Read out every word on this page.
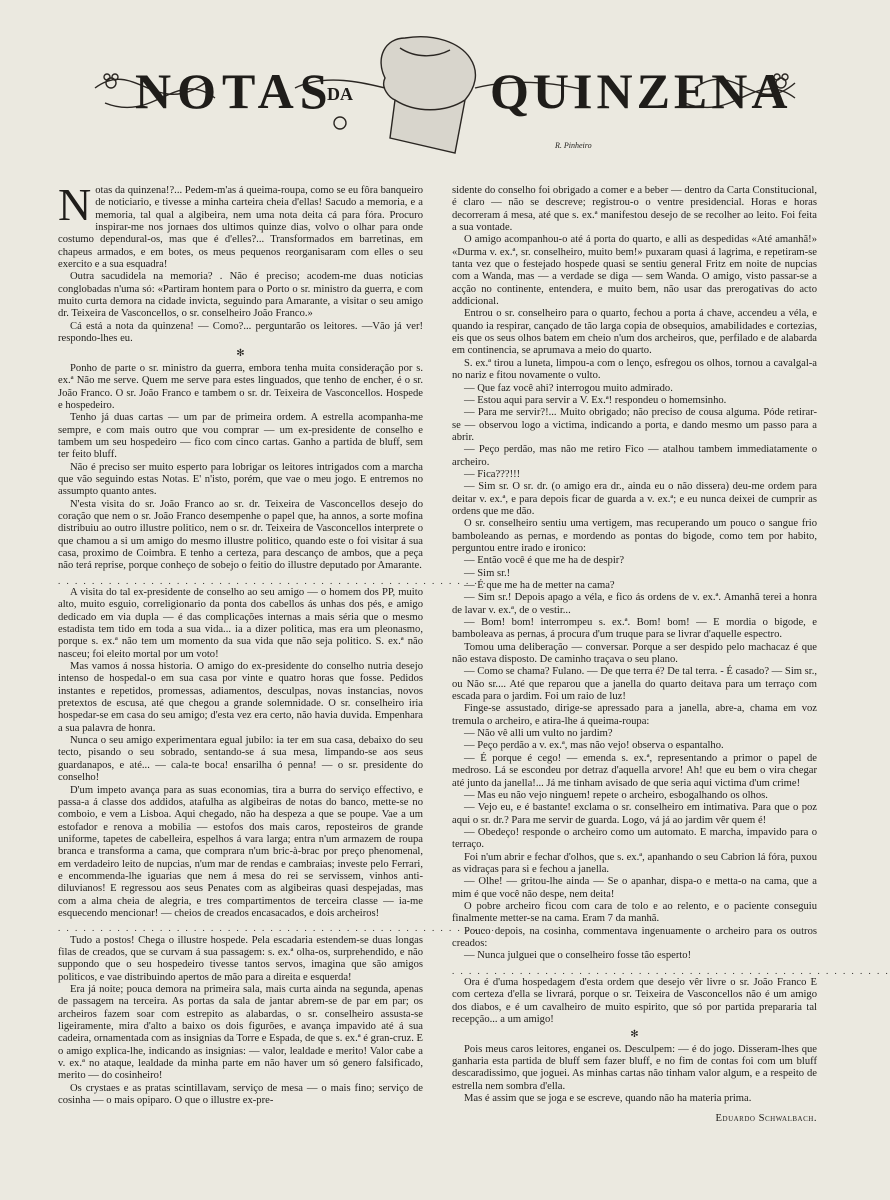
NOTAS
DA	QUINZENA
R. Pinheiro

Notas da quinzena!?... Pedem-m'as á queima-roupa, como se eu fôra banqueiro de noticiario, e tivesse a minha carteira cheia d'ellas! Sacudo a memoria, e a memoria, tal qual a algibeira, nem uma nota deita cá para fóra. Procuro inspirar-me nos jornaes dos ultimos quinze dias, volvo o olhar para onde costumo dependural-os, mas que é d'elles?... Transformados em barretinas, em chapeus armados, e em botes, os meus pequenos reorganisaram com elles o seu exercito e a sua esquadra!

Outra sacudidela na memoria? . Não é preciso; acodem-me duas noticias conglobadas n'uma só: «Partiram hontem para o Porto o sr. ministro da guerra, e com muito curta demora na cidade invicta, seguindo para Amarante, a visitar o seu amigo dr. Teixeira de Vasconcellos, o sr. conselheiro João Franco.»

Cá está a nota da quinzena! — Como?... perguntarão os leitores. —Vão já ver! respondo-lhes eu.

✻

Ponho de parte o sr. ministro da guerra, embora tenha muita consideração por s. ex.ª Não me serve. Quem me serve para estes linguados, que tenho de encher, é o sr. João Franco. O sr. João Franco e tambem o sr. dr. Teixeira de Vasconcellos. Hospede e hospedeiro.

Tenho já duas cartas — um par de primeira ordem. A estrella acompanha-me sempre, e com mais outro que vou comprar — um ex-presidente de conselho e tambem um seu hospedeiro — fico com cinco cartas. Ganho a partida de bluff, sem ter feito bluff.

Não é preciso ser muito esperto para lobrigar os leitores intrigados com a marcha que vão seguindo estas Notas. E' n'isto, porém, que vae o meu jogo. E entremos no assumpto quanto antes.

N'esta visita do sr. João Franco ao sr. dr. Teixeira de Vasconcellos desejo do coração que nem o sr. João Franco desempenhe o papel que, ha annos, a sorte mofina distribuiu ao outro illustre politico, nem o sr. dr. Teixeira de Vasconcellos interprete o que chamou a si um amigo do mesmo illustre politico, quando este o foi visitar á sua casa, proximo de Coimbra. E tenho a certeza, para descanço de ambos, que a peça não terá reprise, porque conheço de sobejo o feitio do illustre deputado por Amarante.

. . . . . . . . . . . . . . . . . . . . . . . . . . . . . . . . . . . . . . . . . . . . . . . . . . . .

A visita do tal ex-presidente de conselho ao seu amigo — o homem dos PP, muito alto, muito esguio, correligionario da ponta dos cabellos ás unhas dos pés, e amigo dedicado em via dupla — é das complicações internas a mais séria que o mesmo estadista tem tido em toda a sua vida... ia a dizer politica, mas era um pleonasmo, porque s. ex.ª não tem um momento da sua vida que não seja politico. S. ex.ª não nasceu; foi eleito mortal por um voto!

Mas vamos á nossa historia. O amigo do ex-presidente do conselho nutria desejo intenso de hospedal-o em sua casa por vinte e quatro horas que fosse. Pedidos instantes e repetidos, promessas, adiamentos, desculpas, novas instancias, novos pretextos de escusa, até que chegou a grande solemnidade. O sr. conselheiro iria hospedar-se em casa do seu amigo; d'esta vez era certo, não havia duvida. Empenhara a sua palavra de honra.

Nunca o seu amigo experimentara egual jubilo: ia ter em sua casa, debaixo do seu tecto, pisando o seu sobrado, sentando-se á sua mesa, limpando-se aos seus guardanapos, e até... — cala-te boca! ensarilha ó penna! — o sr. presidente do conselho!

D'um impeto avança para as suas economias, tira a burra do serviço effectivo, e passa-a á classe dos addidos, atafulha as algibeiras de notas do banco, mette-se no comboio, e vem a Lisboa. Aqui chegado, não ha despeza a que se poupe. Vae a um estofador e renova a mobilia — estofos dos mais caros, reposteiros de grande uniforme, tapetes de cabelleira, espelhos á vara larga; entra n'um armazem de roupa branca e transforma a cama, que comprara n'um bric-à-brac por preço phenomenal, em verdadeiro leito de nupcias, n'um mar de rendas e cambraias; investe pelo Ferrari, e encommenda-lhe iguarias que nem á mesa do rei se servissem, vinhos anti-diluvianos! E regressou aos seus Penates com as algibeiras quasi despejadas, mas com a alma cheia de alegria, e tres compartimentos de terceira classe — ia-me esquecendo mencionar! — cheios de creados encasacados, e dois archeiros!

. . . . . . . . . . . . . . . . . . . . . . . . . . . . . . . . . . . . . . . . . . . . . . . . . . . .

Tudo a postos! Chega o illustre hospede. Pela escadaria estendem-se duas longas filas de creados, que se curvam á sua passagem: s. ex.ª olha-os, surprehendido, e não suppondo que o seu hospedeiro tivesse tantos servos, imagina que são amigos politicos, e vae distribuindo apertos de mão para a direita e esquerda!

Era já noite; pouca demora na primeira sala, mais curta ainda na segunda, apenas de passagem na terceira. As portas da sala de jantar abrem-se de par em par; os archeiros fazem soar com estrepito as alabardas, o sr. conselheiro assusta-se ligeiramente, mira d'alto a baixo os dois figurões, e avança impavido até á sua cadeira, ornamentada com as insignias da Torre e Espada, de que s. ex.ª é gran-cruz. E o amigo explica-lhe, indicando as insignias: — valor, lealdade e merito! Valor cabe a v. ex.ª no ataque, lealdade da minha parte em não haver um só genero falsificado, merito — do cosinheiro!

Os crystaes e as pratas scintillavam, serviço de mesa — o mais fino; serviço de cosinha — o mais opiparo. O que o illustre ex-pre-

sidente do conselho foi obrigado a comer e a beber — dentro da Carta Constitucional, é claro — não se descreve; registrou-o o ventre presidencial. Horas e horas decorreram á mesa, até que s. ex.ª manifestou desejo de se recolher ao leito. Foi feita a sua vontade.

O amigo acompanhou-o até á porta do quarto, e alli as despedidas «Até amanhã!» «Durma v. ex.ª, sr. conselheiro, muito bem!» puxaram quasi á lagrima, e repetiram-se tanta vez que o festejado hospede quasi se sentiu general Fritz em noite de nupcias com a Wanda, mas — a verdade se diga — sem Wanda. O amigo, visto passar-se a acção no continente, entendera, e muito bem, não usar das prerogativas do acto addicional.

Entrou o sr. conselheiro para o quarto, fechou a porta á chave, accendeu a véla, e quando ia respirar, cançado de tão larga copia de obsequios, amabilidades e cortezias, eis que os seus olhos batem em cheio n'um dos archeiros, que, perfilado e de alabarda em continencia, se aprumava a meio do quarto.

S. ex.ª tirou a luneta, limpou-a com o lenço, esfregou os olhos, tornou a cavalgal-a no nariz e fitou novamente o vulto.

— Que faz você ahi? interrogou muito admirado.

— Estou aqui para servir a V. Ex.ª! respondeu o homemsinho.

— Para me servir?!... Muito obrigado; não preciso de cousa alguma. Póde retirar-se — observou logo a victima, indicando a porta, e dando mesmo um passo para a abrir.

— Peço perdão, mas não me retiro Fico — atalhou tambem immediatamente o archeiro.

— Fica???!!!

— Sim sr. O sr. dr. (o amigo era dr., ainda eu o não dissera) deu-me ordem para deitar v. ex.ª, e para depois ficar de guarda a v. ex.ª; e eu nunca deixei de cumprir as ordens que me dão.

O sr. conselheiro sentiu uma vertigem, mas recuperando um pouco o sangue frio bamboleando as pernas, e mordendo as pontas do bigode, como tem por habito, perguntou entre irado e ironico:

— Então você é que me ha de despir?

— Sim sr.!

— É que me ha de metter na cama?

— Sim sr.! Depois apago a véla, e fico ás ordens de v. ex.ª. Amanhã terei a honra de lavar v. ex.ª, de o vestir...

— Bom! bom! interrompeu s. ex.ª. Bom! bom! — E mordia o bigode, e bamboleava as pernas, á procura d'um truque para se livrar d'aquelle espectro.

Tomou uma deliberação — conversar. Porque a ser despido pelo machacaz é que não estava disposto. De caminho traçava o seu plano.

— Como se chama? Fulano. — De que terra é? De tal terra. - É casado? — Sim sr., ou Não sr.... Até que reparou que a janella do quarto deitava para um terraço com escada para o jardim. Foi um raio de luz!

Finge-se assustado, dirige-se apressado para a janella, abre-a, chama em voz tremula o archeiro, e atira-lhe á queima-roupa:

— Não vê alli um vulto no jardim?

— Peço perdão a v. ex.ª, mas não vejo! observa o espantalho.

— É porque é cego! — emenda s. ex.ª, representando a primor o papel de medroso. Lá se escondeu por detraz d'aquella arvore! Ah! que eu bem o vira chegar até junto da janella!... Já me tinham avisado de que seria aqui victima d'um crime!

— Mas eu não vejo ninguem! repete o archeiro, esbogalhando os olhos.

— Vejo eu, e é bastante! exclama o sr. conselheiro em intimativa. Para que o poz aqui o sr. dr.? Para me servir de guarda. Logo, vá já ao jardim vêr quem é!

— Obedeço! responde o archeiro como um automato. E marcha, impavido para o terraço.

Foi n'um abrir e fechar d'olhos, que s. ex.ª, apanhando o seu Cabrion lá fóra, puxou as vidraças para si e fechou a janella.

— Olhe! — gritou-lhe ainda — Se o apanhar, dispa-o e metta-o na cama, que a mim é que você não despe, nem deita!

O pobre archeiro ficou com cara de tolo e ao relento, e o paciente conseguiu finalmente metter-se na cama. Eram 7 da manhã.

Pouco depois, na cosinha, commentava ingenuamente o archeiro para os outros creados:

— Nunca julguei que o conselheiro fosse tão esperto!

. . . . . . . . . . . . . . . . . . . . . . . . . . . . . . . . . . . . . . . . . . . . . . . . . . . .

Ora é d'uma hospedagem d'esta ordem que desejo vêr livre o sr. João Franco E com certeza d'ella se livrará, porque o sr. Teixeira de Vasconcellos não é um amigo dos diabos, e é um cavalheiro de muito espirito, que só por partida prepararia tal recepção... a um amigo!

✻

Pois meus caros leitores, enganei os. Desculpem: — é do jogo. Disseram-lhes que ganharia esta partida de bluff sem fazer bluff, e no fim de contas foi com um bluff descaradissimo, que joguei. As minhas cartas não tinham valor algum, e a respeito de estrella nem sombra d'ella.

Mas é assim que se joga e se escreve, quando não ha materia prima.

Eduardo Schwalbach.
